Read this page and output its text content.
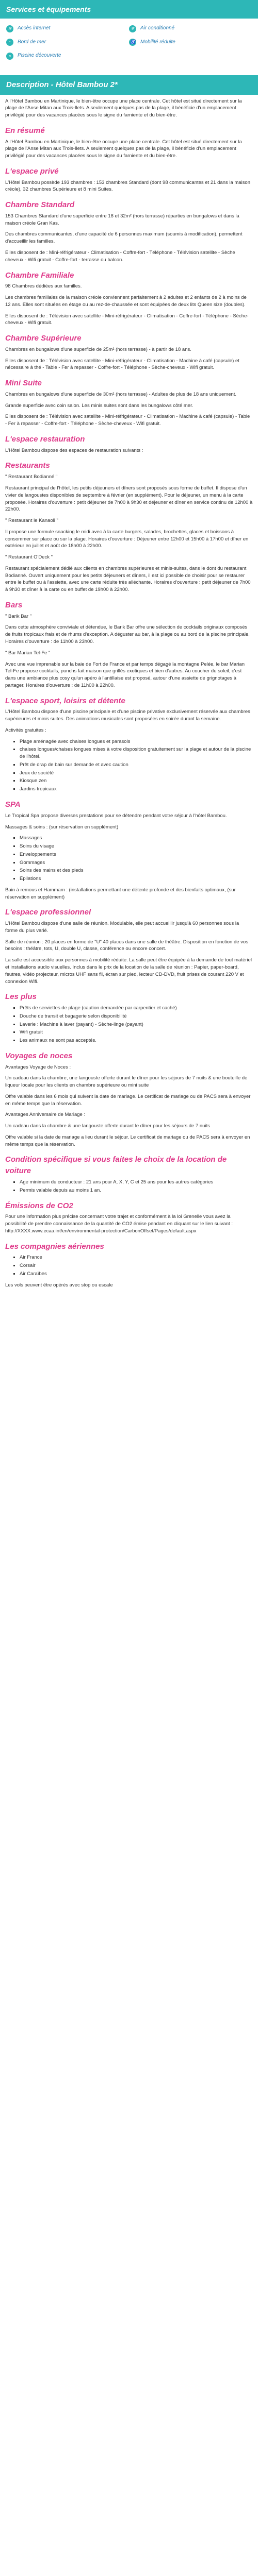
Services et équipements
≋	Accès internet	❄	Air conditionné
~	Bord de mer	♿ Mobilité réduite
≈	Piscine découverte
Description - Hôtel Bambou 2*

A l'Hôtel Bambou en Martinique, le bien-être occupe une place centrale. Cet hôtel est situé directement sur la plage de l'Anse Mitan aux Trois-Ilets. A seulement quelques pas de la plage, il bénéficie d'un emplacement privilégié pour des vacances placées sous le signe du farniente et du bien-être.

En résumé

A l'Hôtel Bambou en Martinique, le bien-être occupe une place centrale. Cet hôtel est situé directement sur la plage de l'Anse Mitan aux Trois-Ilets. A seulement quelques pas de la plage, il bénéficie d'un emplacement privilégié pour des vacances placées sous le signe du farniente et du bien-être.

L'espace privé

L'Hôtel Bambou possède 193 chambres : 153 chambres Standard (dont 98 communicantes et 21 dans la maison créole), 32 chambres Supérieure et 8 mini Suites.

Chambre Standard

153 Chambres Standard d'une superficie entre 18 et 32m² (hors terrasse) réparties en bungalows et dans la maison créole Gran Kas.

Des chambres communicantes, d'une capacité de 6 personnes maximum (soumis à modification), permettent d'accueillir les familles.

Elles disposent de : Mini-réfrigérateur - Climatisation - Coffre-fort - Téléphone - Télévision satellite - Sèche cheveux - Wifi gratuit - Coffre-fort - terrasse ou balcon.

Chambre Familiale

98 Chambres dédiées aux familles.

Les chambres familiales de la maison créole conviennent parfaitement à 2 adultes et 2 enfants de 2 à moins de 12 ans. Elles sont situées en étage ou au rez-de-chaussée et sont équipées de deux lits Queen size (doubles).

Elles disposent de : Télévision avec satellite - Mini-réfrigérateur - Climatisation - Coffre-fort - Téléphone - Sèche-cheveux - Wifi gratuit.

Chambre Supérieure

Chambres en bungalows d'une superficie de 25m² (hors terrasse) - à partir de 18 ans.

Elles disposent de : Télévision avec satellite - Mini-réfrigérateur - Climatisation - Machine à café (capsule) et nécessaire à thé - Table - Fer à repasser - Coffre-fort - Téléphone - Sèche-cheveux - Wifi gratuit.

Mini Suite

Chambres en bungalows d'une superficie de 30m² (hors terrasse) - Adultes de plus de 18 ans uniquement.

Grande superficie avec coin salon. Les minis suites sont dans les bungalows côté mer.

Elles disposent de : Télévision avec satellite - Mini-réfrigérateur - Climatisation - Machine à café (capsule) - Table - Fer à repasser - Coffre-fort - Téléphone - Sèche-cheveux - Wifi gratuit.

L'espace restauration

L'Hôtel Bambou dispose des espaces de restauration suivants :

Restaurants

" Restaurant Bodianné "

Restaurant principal de l'hôtel, les petits déjeuners et dîners sont proposés sous forme de buffet. Il dispose d'un vivier de langoustes disponibles de septembre à février (en supplément). Pour le déjeuner, un menu à la carte proposée. Horaires d'ouverture : petit déjeuner de 7h00 à 9h30 et déjeuner et dîner en service continu de 12h00 à 22h00.

" Restaurant le Kanaoli "

Il propose une formule snacking le midi avec à la carte burgers, salades, brochettes, glaces et boissons à consommer sur place ou sur la plage. Horaires d'ouverture : Déjeuner entre 12h00 et 15h00 à 17h00 et dîner en extérieur en juillet et août de 18h00 à 22h00.

" Restaurant O'Deck "

Restaurant spécialement dédié aux clients en chambres supérieures et minis-suites, dans le dont du restaurant Bodianné. Ouvert uniquement pour les petits déjeuners et dîners, il est ici possible de choisir pour se restaurer entre le buffet ou à l'assiette, avec une carte réduite très alléchante. Horaires d'ouverture : petit déjeuner de 7h00 à 9h30 et dîner à la carte ou en buffet de 19h00 à 22h00.

Bars

" Barik Bar "

Dans cette atmosphère conviviale et détendue, le Barik Bar offre une sélection de cocktails originaux composés de fruits tropicaux frais et de rhums d'exception. A déguster au bar, à la plage ou au bord de la piscine principale. Horaires d'ouverture : de 11h00 à 23h00.

" Bar Marian Tel-Fe "

Avec une vue imprenable sur la baie de Fort de France et par temps dégagé la montagne Pelée, le bar Marian Tel-Fe propose cocktails, punchs fait maison que grillés exotiques et bien d'autres. Au coucher du soleil, c'est dans une ambiance plus cosy qu'un apéro à l'antillaise est proposé, autour d'une assiette de grignotages à partager. Horaires d'ouverture : de 11h00 à 22h00.

L'espace sport, loisirs et détente

L'Hôtel Bambou dispose d'une piscine principale et d'une piscine privative exclusivement réservée aux chambres supérieures et minis suites. Des animations musicales sont proposées en soirée durant la semaine.

Activités gratuites :

▪ Plage aménagée avec chaises longues et parasols
▪ chaises longues/chaises longues mises à votre disposition gratuitement sur la plage et autour de la piscine de l'hôtel.
▪ Prêt de drap de bain sur demande et avec caution
▪ Jeux de société
▪ Kiosque zen
▪ Jardins tropicaux
SPA

Le Tropical Spa propose diverses prestations pour se détendre pendant votre séjour à l'hôtel Bambou.

Massages & soins : (sur réservation en supplément)

▪ Massages
▪ Soins du visage
▪ Enveloppements
▪ Gommages
▪ Soins des mains et des pieds
▪ Épilations

Bain à remous et Hammam : (installations permettant une détente profonde et des bienfaits optimaux, (sur réservation en supplément)

L'espace professionnel

L'Hôtel Bambou dispose d'une salle de réunion. Modulable, elle peut accueillir jusqu'à 60 personnes sous la forme du plus varié.

Salle de réunion : 20 places en forme de "U" 40 places dans une salle de théâtre. Disposition en fonction de vos besoins : théâtre, tots, U, double U, classe, conférence ou encore concert.

La salle est accessible aux personnes à mobilité réduite. La salle peut être équipée à la demande de tout matériel et installations audio visuelles. Inclus dans le prix de la location de la salle de réunion : Papier, paper-board, feutres, vidéo projecteur, micros UHF sans fil, écran sur pied, lecteur CD-DVD, fruit prises de courant 220 V et connexion Wifi.

Les plus
▪ Prêts de serviettes de plage (caution demandée par carpentier et caché)
▪ Douche de transit et bagagerie selon disponibilité
▪ Laverie : Machine à laver (payant) - Sèche-linge (payant)
▪ Wifi gratuit
▪ Les animaux ne sont pas acceptés.
Voyages de noces

Avantages Voyage de Noces :

Un cadeau dans la chambre, une langouste offerte durant le dîner pour les séjours de 7 nuits & une bouteille de liqueur locale pour les clients en chambre supérieure ou mini suite

Offre valable dans les 6 mois qui suivent la date de mariage. Le certificat de mariage ou de PACS sera à envoyer en même temps que la réservation.

Avantages Anniversaire de Mariage :

Un cadeau dans la chambre & une langouste offerte durant le dîner pour les séjours de 7 nuits

Offre valable si la date de mariage a lieu durant le séjour. Le certificat de mariage ou de PACS sera à envoyer en même temps que la réservation.

Condition spécifique si vous faites le choix de la location de voiture
▪ Age minimum du conducteur : 21 ans pour A, X, Y, C et 25 ans pour les autres catégories
▪ Permis valable depuis au moins 1 an.
Émissions de CO2

Pour une information plus précise concernant votre trajet et conformément à la loi Grenelle vous avez la possibilité de prendre connaissance de la quantité de CO2 émise pendant en cliquant sur le lien suivant : http://XXXX.www.ecaa.int/en/environmental-protection/CarbonOffset/Pages/default.aspx

Les compagnies aériennes
▪ Air France
▪ Corsair
▪ Air Caraïbes

Les vols peuvent être opérés avec stop ou escale
